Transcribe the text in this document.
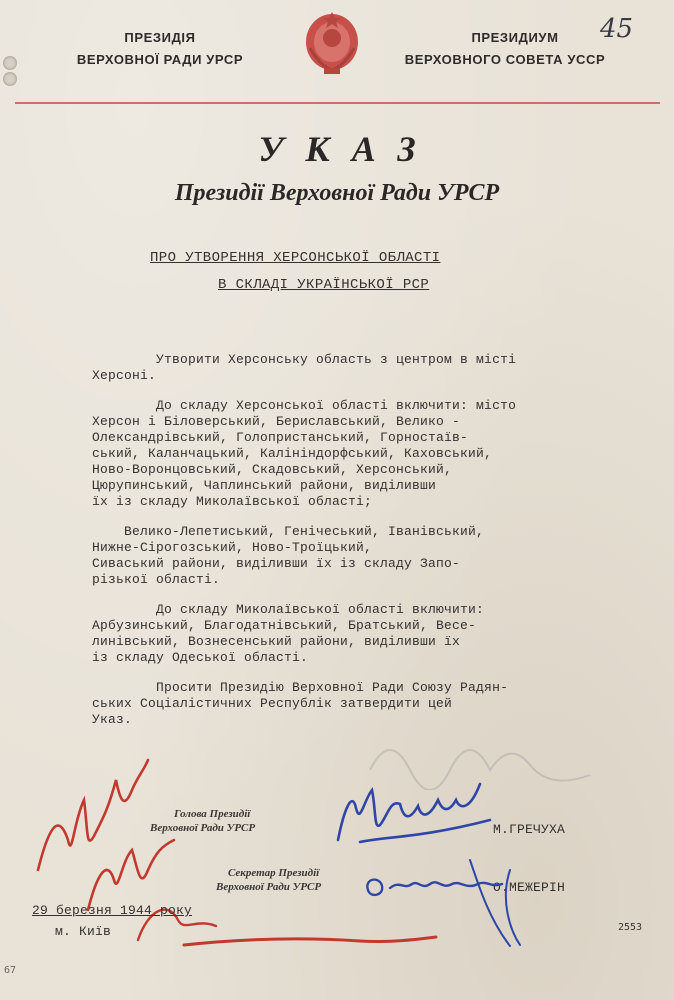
ПРЕЗИДІЯ
ВЕРХОВНОЇ РАДИ УРСР
ПРЕЗИДИУМ
ВЕРХОВНОГО СОВЕТА УССР
45
УКАЗ
Президії Верховної Ради УРСР
ПРО УТВОРЕННЯ ХЕРСОНСЬКОЇ ОБЛАСТІ
В СКЛАДІ УКРАЇНСЬКОЇ РСР
Утворити Херсонську область з центром в місті
Херсоні.
До складу Херсонської області включити: місто
Херсон і Біловерський, Бериславський, Велико -
Олександрівський, Голопристанський, Горностаїв-
ський, Каланчацький, Калініндорфський, Каховський,
Ново-Воронцовський, Скадовський, Херсонський,
Цюрупинський, Чаплинський райони, виділивши
їх із складу Миколаївської області;
Велико-Лепетиський, Генічеський, Іванівський,
Нижне-Сірогозський, Ново-Троїцький,
Сиваський райони, виділивши їх із складу Запо-
різької області.
До складу Миколаївської області включити:
Арбузинський, Благодатнівський, Братський, Весе-
линівський, Вознесенський райони, виділивши їх
із складу Одеської області.
Просити Президію Верховної Ради Союзу Радян-
ських Соціалістичних Республік затвердити цей
Указ.
Голова Президії
Верховної Ради УРСР	М.ГРЕЧУХА
Секретар Президії
Верховної Ради УРСР	О.МЕЖЕРІН
29 березня 1944 року
м. Київ	2553
67
